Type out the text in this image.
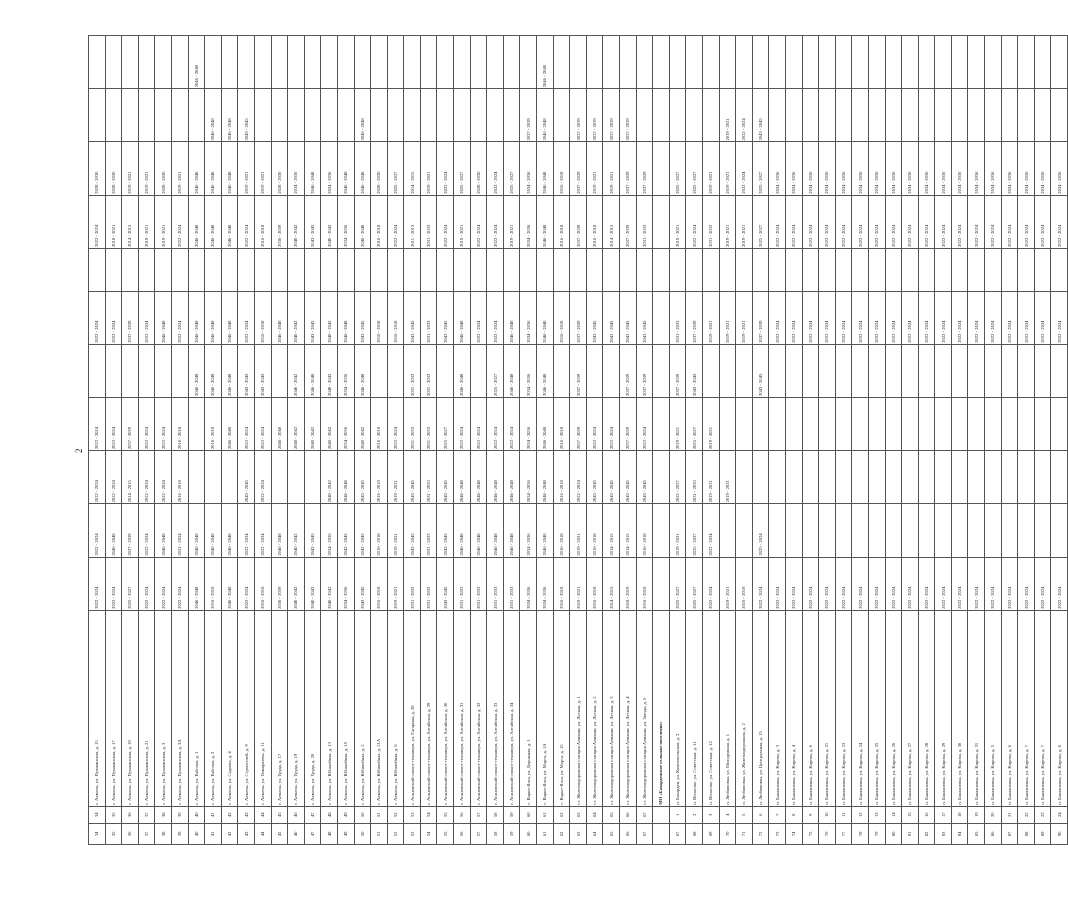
2
34	34	г. Алматы, ул. Пушкинская, д. 15	2022 - 2024	2022 - 2024	2022 - 2024	2022 - 2024		2022 - 2024		2022 - 2024	2028 - 2030		
35	35	г. Алматы, ул. Пушкинская, д. 17	2022 - 2024	2046 - 2048	2022 - 2024	2022 - 2024		2022 - 2024		2018 - 2021	2028 - 2030		
36	36	г. Алматы, ул. Пушкинская, д. 19	2025 - 2027	2037 - 2039	2014 - 2015	2037 - 2039		2037 - 2039		2014 - 2015	2019 - 2021		
37	37	г. Алматы, ул. Пушкинская, д. 21	2022 - 2024	2022 - 2024	2022 - 2024	2022 - 2024		2022 - 2024		2019 - 2021	2019 - 2021		
38	38	г. Алматы, ул. Пушкинская, д. 3	2022 - 2024	2046 - 2048	2022 - 2024	2022 - 2024		2046 - 2048		2019 - 2021	2028 - 2030		
39	39	г. Алматы, ул. Пушкинская, д. 3А	2022 - 2024	2022 - 2024	2016 - 2018	2016 - 2018		2022 - 2024		2022 - 2024	2019 - 2021		
40	40	г. Алматы, ул. Рабочая, д. 1	2046 - 2048	2046 - 2048			2046 - 2048	2046 - 2048		2046 - 2048	2046 - 2048		2046 - 2048
41	41	г. Алматы, ул. Рабочая, д. 2	2016 - 2018	2046 - 2048		2016 - 2018	2046 - 2048	2046 - 2048		2046 - 2048	2046 - 2048	2046 - 2048	
42	42	г. Алматы, ул. Садовая, д. 4	2046 - 2048	2046 - 2048		2046 - 2048	2046 - 2048	2046 - 2048		2046 - 2048	2046 - 2048	2046 - 2048	
43	43	г. Алматы, ул. Строителей, д. 9	2022 - 2024	2022 - 2024	2043 - 2045	2022 - 2024	2043 - 2045	2022 - 2024		2022 - 2024	2019 - 2021	2043 - 2045	
44	44	г. Алматы, ул. Тимирязева, д. 11	2016 - 2018	2022 - 2024	2022 - 2024	2022 - 2024	2043 - 2045	2016 - 2018		2016 - 2018	2019 - 2021		
45	45	г. Алматы, ул. Труда, д. 17	2036 - 2039	2046 - 2048		2046 - 2048		2046 - 2048		2036 - 2039	2028 - 2030		
46	46	г. Алматы, ул. Труда, д. 19	2040 - 2042	2040 - 2042		2040 - 2042	2040 - 2042	2040 - 2042		2040 - 2042	2034 - 2036		
47	47	г. Алматы, ул. Труда, д. 20	2040 - 2042	2043 - 2045		2040 - 2042	2046 - 2048	2043 - 2045		2043 - 2045	2046 - 2048		
48	48	г. Алматы, ул. Юбилейная, д. 13	2040 - 2042	2034 - 2036	2040 - 2042	2040 - 2042	2040 - 2042	2040 - 2042		2040 - 2042	2034 - 2036		
49	49	г. Алматы, ул. Юбилейная, д. 15	2034 - 2036	2043 - 2045	2046 - 2048	2034 - 2036	2034 - 2036	2046 - 2048		2034 - 2036	2046 - 2048		
50	50	г. Алматы, ул. Юбилейная, д. 2	2043 - 2045	2043 - 2045	2043 - 2045	2040 - 2042	2046 - 2048	2043 - 2045		2046 - 2048	2046 - 2048	2046 - 2048	
51	51	г. Алматы, ул. Юбилейная, д. 21А	2016 - 2018	2016 - 2018	2016 - 2018	2016 - 2018		2016 - 2018		2016 - 2018	2028 - 2030		
52	52	г. Алматы, ул. Юбилейная, д. 6	2019 - 2021	2019 - 2021	2019 - 2021	2022 - 2024		2016 - 2018		2022 - 2024	2025 - 2027		
53	53	г. Асановский совхоз-техникум, ул. Гагарина, д. 28	2031 - 2033	2043 - 2045	2043 - 2045	2031 - 2033	2031 - 2033	2043 - 2045		2011 - 2013	2014 - 2015		
54	54	г. Асановский совхоз-техникум, ул. Алтайская, д. 29	2031 - 2033	2031 - 2033	2031 - 2033	2031 - 2033	2031 - 2033	2031 - 2033		2031 - 2033	2019 - 2021		
55	55	г. Асановский совхоз-техникум, ул. Алтайская, д. 30	2043 - 2045	2043 - 2045	2043 - 2045	2025 - 2027		2043 - 2045		2022 - 2024	2022 - 2024		
56	56	г. Асановский совхоз-техникум, ул. Алтайская, д. 31	2031 - 2033	2046 - 2048	2046 - 2048	2022 - 2024	2046 - 2048	2046 - 2048		2019 - 2021	2025 - 2027		
57	57	г. Асановский совхоз-техникум, ул. Алтайская, д. 32	2031 - 2033	2046 - 2048	2046 - 2048	2022 - 2024		2022 - 2024		2022 - 2024	2028 - 2030		
58	58	г. Асановский совхоз-техникум, ул. Алтайская, д. 33	2031 - 2033	2046 - 2048	2046 - 2048	2022 - 2024	2025 - 2027	2022 - 2024		2022 - 2024	2022 - 2024		
59	59	г. Асановский совхоз-техникум, ул. Алтайская, д. 34	2031 - 2033	2046 - 2048	2046 - 2048	2022 - 2024	2046 - 2048	2046 - 2048		2019 - 2021	2025 - 2027		
60	60	с. Варно-Ятка, ул. Дорожная, д. 1	2034 - 2036	2034 - 2036	2034 - 2036	2034 - 2036	2034 - 2036	2034 - 2036		2034 - 2036	2034 - 2036	2037 - 2039	
61	61	с. Варно-Ятка, ул. Марта, д. 1А	2034 - 2036	2046 - 2048	2046 - 2048	2046 - 2048	2046 - 2048	2046 - 2048		2046 - 2048	2046 - 2048	2046 - 2048	2046 - 2048
62	62	с. Варно-Ятка, ул. Марта, д. 15	2016 - 2018	2016 - 2018	2016 - 2018	2016 - 2018		2016 - 2018		2016 - 2018	2016 - 2018		
63	63	ст. Железнодорожная станция Алмаши, ул. Лесная, д. 1	2019 - 2021	2019 - 2021	2022 - 2024	2037 - 2039	2037 - 2039	2037 - 2039		2037 - 2039	2037 - 2039	2037 - 2039	
64	64	ст. Железнодорожная станция Алмаши, ул. Лесная, д. 2	2016 - 2018	2016 - 2018	2043 - 2045	2022 - 2024		2043 - 2045		2016 - 2018	2019 - 2021	2037 - 2039	
65	65	ст. Железнодорожная станция Алмаши, ул. Лесная, д. 3	2014 - 2015	2014 - 2015	2043 - 2045	2022 - 2024		2043 - 2045		2014 - 2015	2019 - 2021	2037 - 2039	
66	66	ст. Железнодорожная станция Алмаши, ул. Лесная, д. 4	2018 - 2019	2014 - 2015	2043 - 2045	2037 - 2039	2037 - 2039	2043 - 2045		2037 - 2039	2037 - 2039	2037 - 2039	
67	67	ст. Железнодорожная станция Алмаши, ул. Звезда, д. 5	2016 - 2018	2016 - 2018	2043 - 2045	2022 - 2024	2037 - 2039	2043 - 2045		2031 - 2033	2037 - 2039		
		МО «Бахарденское сельское поселение»											
67	1	п. Бахарден, ул. Комсомольская, д. 2	2025 - 2027	2019 - 2021	2025 - 2027	2019 - 2021	2037 - 2039	2031 - 2033		2019 - 2021	2025 - 2027		
68	2	п. Игнатово, ул. Советская, д. 11	2025 - 2027	2025 - 2027	2031 - 2033	2025 - 2027	2043 - 2045	2037 - 2039		2022 - 2024	2025 - 2027		
69	3	п. Игнатово, ул. Советская, д. 12	2022 - 2024	2022 - 2024	2019 - 2021	2019 - 2021		2019 - 2021		2031 - 2033	2019 - 2021		
70	4	п. Любимовка, ул. Молодежная, д. 1	2019 - 2021		2019 - 2021			2019 - 2021		2019 - 2021	2019 - 2021	2019 - 2021	
71	5	п. Любимовка, ул. Железнодорожная, д. 2	2016 - 2018					2019 - 2021		2019 - 2021	2022 - 2024	2022 - 2024	
72	6	п. Любимовка, ул. Центральная, д. 15	2022 - 2024	2025 - 2024			2043 - 2045	2037 - 2039		2025 - 2027	2025 - 2027	2043 - 2045	
73	7	п. Баклановка, ул. Кирова, д. 3	2022 - 2024					2022 - 2024		2022 - 2024	2034 - 2036		
74	8	п. Баклановка, ул. Кирова, д. 4	2022 - 2024					2022 - 2024		2022 - 2024	2034 - 2036		
75	9	п. Баклановка, ул. Кирова, д. 6	2022 - 2024					2022 - 2024		2022 - 2024	2034 - 2036		
76	10	п. Баклановка, ул. Кирова, д. 21	2022 - 2024					2022 - 2024		2022 - 2024	2034 - 2036		
77	11	п. Баклановка, ул. Кирова, д. 23	2022 - 2024					2022 - 2024		2022 - 2024	2034 - 2036		
78	12	п. Баклановка, ул. Кирова, д. 24	2022 - 2024					2022 - 2024		2022 - 2024	2034 - 2036		
79	13	п. Баклановка, ул. Кирова, д. 25	2022 - 2024					2022 - 2024		2022 - 2024	2034 - 2036		
80	14	п. Баклановка, ул. Кирова, д. 26	2022 - 2024					2022 - 2024		2022 - 2024	2034 - 2036		
81	15	п. Баклановка, ул. Кирова, д. 27	2022 - 2024					2022 - 2024		2022 - 2024	2034 - 2036		
82	16	п. Баклановка, ул. Кирова, д. 28	2022 - 2024					2022 - 2024		2022 - 2024	2034 - 2036		
83	17	п. Баклановка, ул. Кирова, д. 29	2022 - 2024					2022 - 2024		2022 - 2024	2034 - 2036		
84	18	п. Баклановка, ул. Кирова, д. 30	2022 - 2024					2022 - 2024		2022 - 2024	2034 - 2036		
85	19	п. Баклановка, ул. Кирова, д. 31	2022 - 2024					2022 - 2024		2022 - 2024	2034 - 2036		
86	20	п. Баклановка, ул. Кирова, д. 5	2022 - 2024					2022 - 2024		2022 - 2024	2034 - 2036		
87	21	п. Баклановка, ул. Кирова, д. 6	2022 - 2024					2022 - 2024		2022 - 2024	2034 - 2036		
88	22	п. Баклановка, ул. Кирова, д. 7	2022 - 2024					2022 - 2024		2022 - 2024	2034 - 2036		
89	23	п. Баклановка, ул. Кирова, д. 7	2022 - 2024					2022 - 2024		2022 - 2024	2034 - 2036		
90	24	п. Баклановка, ул. Кирова, д. 8	2022 - 2024					2022 - 2024		2022 - 2024	2034 - 2036		
